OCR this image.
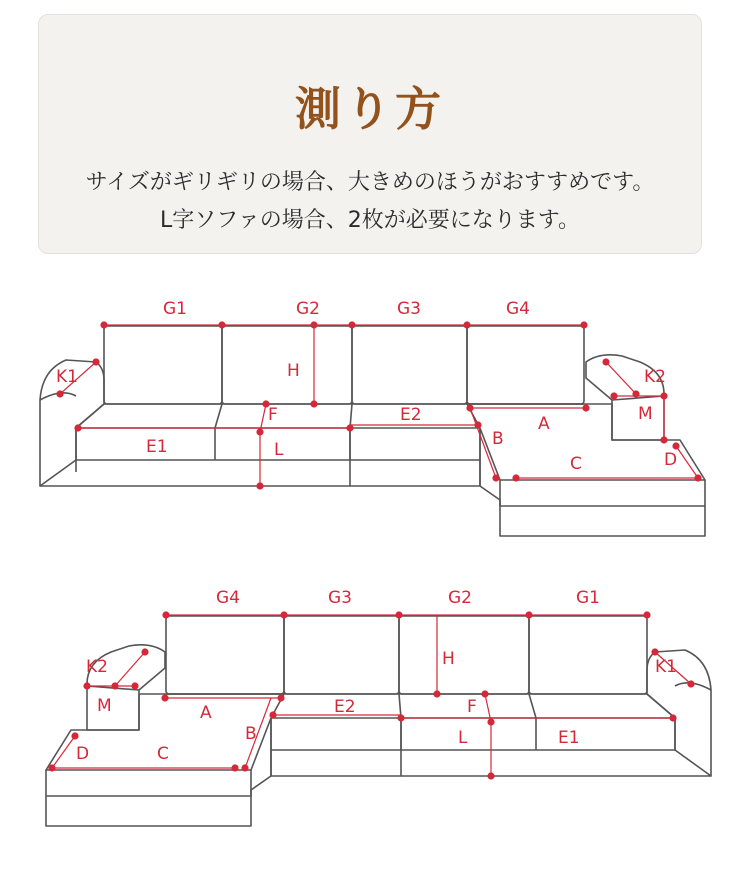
測り方
サイズがギリギリの場合、大きめのほうがおすすめです。
L字ソファの場合、2枚が必要になります。
G1	G2	G3	G4
H
K1	K2
M
F	E2
E1	L
A
B
C	D
G4	G3	G2	G1
H	K1
K2
M	F
E2
E1
L
A
B
C
D
